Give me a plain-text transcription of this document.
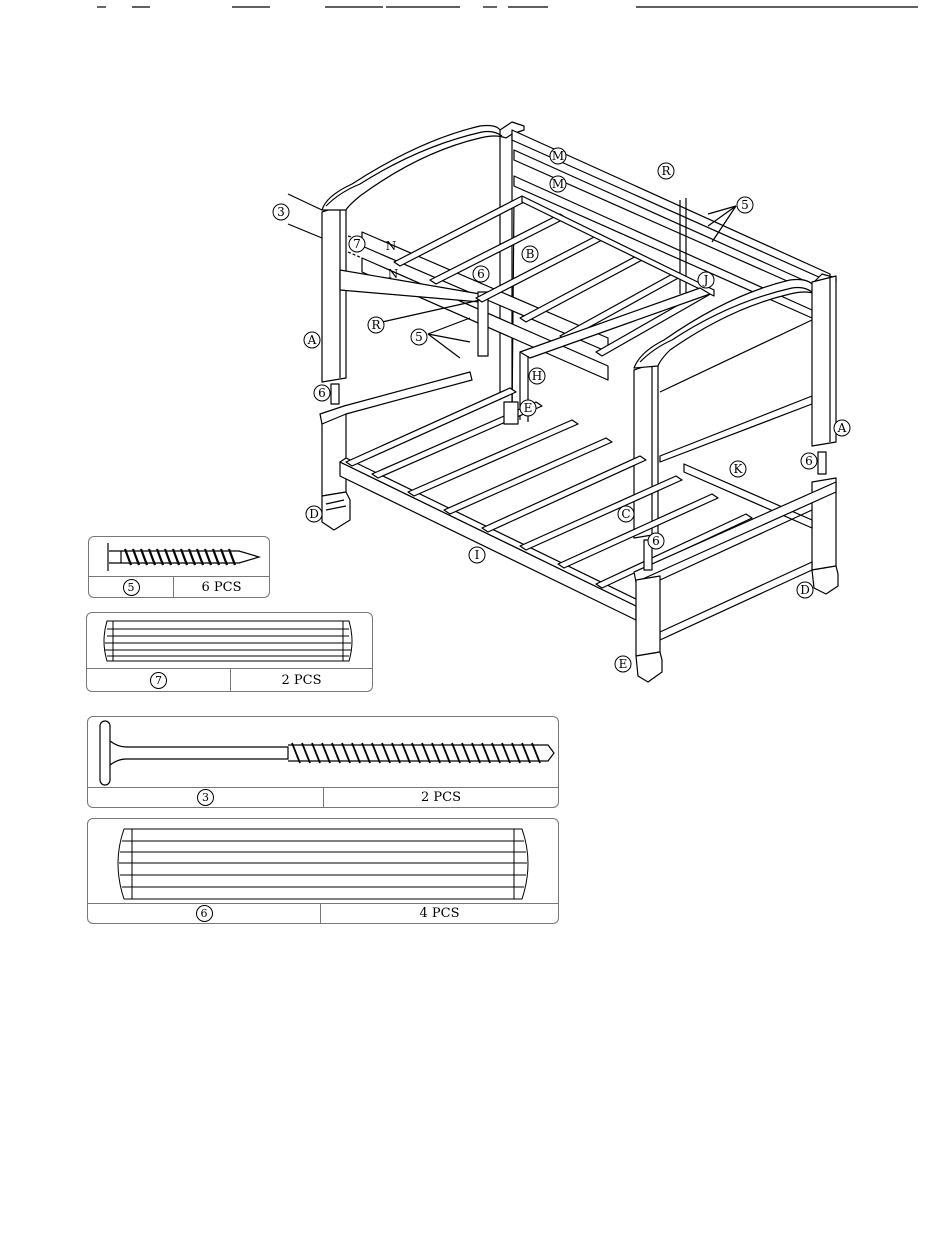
A
A
B
C
D
D
E
E
H
I
J
K
M
M
N
N
R
R
3
7
6
5
5
6
6
6
5	6 PCS
7	2 PCS
3	2 PCS
6	4 PCS
